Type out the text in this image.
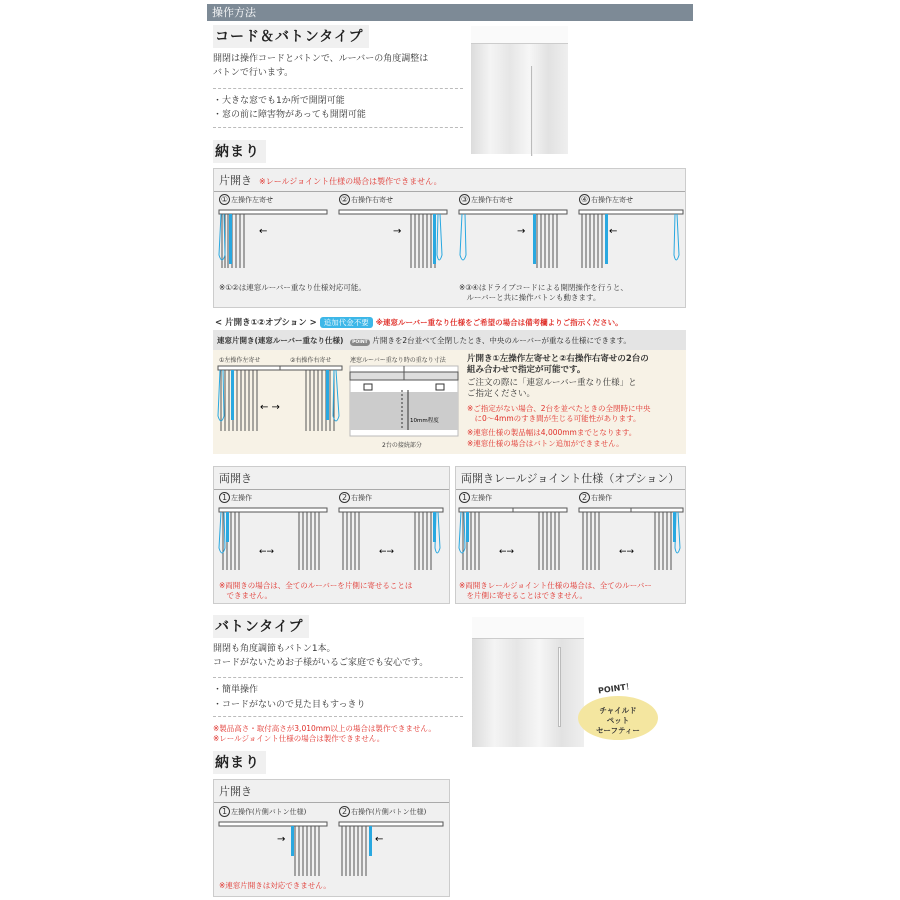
操作方法
コード＆バトンタイプ
開閉は操作コードとバトンで、ルーバーの角度調整は
バトンで行います。
・大きな窓でも1か所で開閉可能
・窓の前に障害物があっても開閉可能
納まり
片開き ※レールジョイント仕様の場合は製作できません。
① 左操作左寄せ	② 右操作右寄せ	③ 左操作右寄せ	④ 右操作左寄せ
←	→	→	←
※①②は連窓ルーバー重なり仕様対応可能。	※③④はドライブコードによる開閉操作を行うと、
　ルーバーと共に操作バトンも動きます。
< 片開き①②オプション > 追加代金不要 ※連窓ルーバー重なり仕様をご希望の場合は備考欄よりご指示ください。
連窓片開き(連窓ルーバー重なり仕様) POINT 片開きを2台並べて全閉したとき、中央のルーバーが重なる仕様にできます。
①左操作左寄せ	②右操作右寄せ
← →
連窓ルーバー重なり時の重なり寸法
10mm程度
2台の接続部分
片開き①左操作左寄せと②右操作右寄せの2台の
組み合わせで指定が可能です。
ご注文の際に「連窓ルーバー重なり仕様」と
ご指定ください。
※ご指定がない場合、2台を並べたときの全閉時に中央
　に0～4mmのすき間が生じる可能性があります。
※連窓仕様の製品幅は4,000mmまでとなります。
※連窓仕様の場合はバトン追加ができません。
両開き
1 左操作	2 右操作
←→	←→
※両開きの場合は、全てのルーバーを片側に寄せることは
　できません。
両開きレールジョイント仕様（オプション）
1 左操作	2 右操作
←→	←→
※両開きレールジョイント仕様の場合は、全てのルーバー
　を片側に寄せることはできません。
バトンタイプ
開閉も角度調節もバトン1本。
コードがないためお子様がいるご家庭でも安心です。
・簡単操作
・コードがないので見た目もすっきり
※製品高さ・取付高さが3,010mm以上の場合は製作できません。
※レールジョイント仕様の場合は製作できません。
POINT！
チャイルド
ペット
セーフティー
納まり
片開き
1 左操作(片側バトン仕様)	2 右操作(片側バトン仕様)
→	←
※連窓片開きは対応できません。
